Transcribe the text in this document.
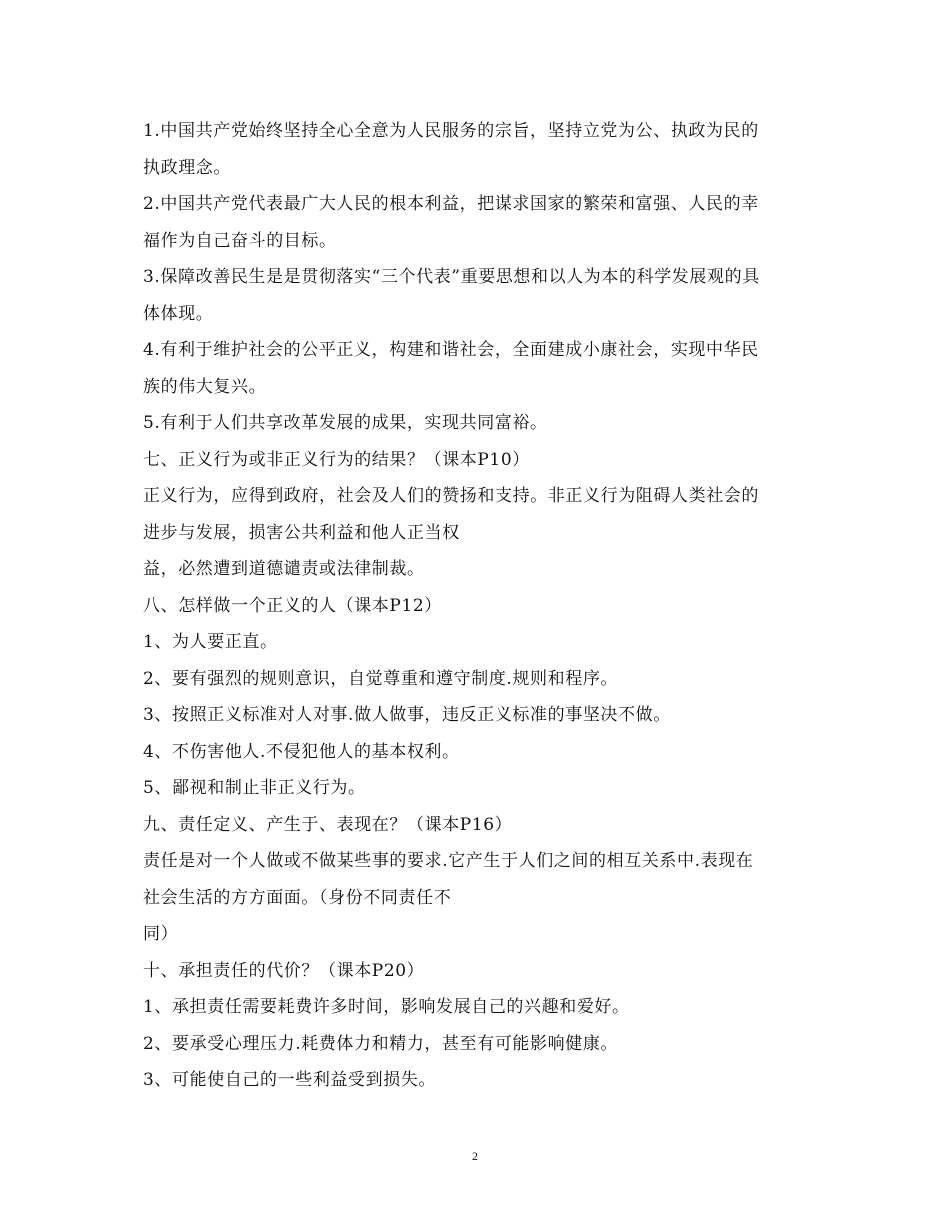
1.中国共产党始终坚持全心全意为人民服务的宗旨，坚持立党为公、执政为民的
执政理念。
2.中国共产党代表最广大人民的根本利益，把谋求国家的繁荣和富强、人民的幸
福作为自己奋斗的目标。
3.保障改善民生是是贯彻落实“三个代表”重要思想和以人为本的科学发展观的具
体体现。
4.有利于维护社会的公平正义，构建和谐社会，全面建成小康社会，实现中华民
族的伟大复兴。
5.有利于人们共享改革发展的成果，实现共同富裕。
七、正义行为或非正义行为的结果？（课本P10）
正义行为，应得到政府，社会及人们的赞扬和支持。非正义行为阻碍人类社会的
进步与发展，损害公共利益和他人正当权
益，必然遭到道德谴责或法律制裁。
八、怎样做一个正义的人（课本P12）
1、为人要正直。
2、要有强烈的规则意识，自觉尊重和遵守制度.规则和程序。
3、按照正义标准对人对事.做人做事，违反正义标准的事坚决不做。
4、不伤害他人.不侵犯他人的基本权利。
5、鄙视和制止非正义行为。
九、责任定义、产生于、表现在？（课本P16）
责任是对一个人做或不做某些事的要求.它产生于人们之间的相互关系中.表现在
社会生活的方方面面。（身份不同责任不
同）
十、承担责任的代价？（课本P20）
1、承担责任需要耗费许多时间，影响发展自己的兴趣和爱好。
2、要承受心理压力.耗费体力和精力，甚至有可能影响健康。
3、可能使自己的一些利益受到损失。
2
